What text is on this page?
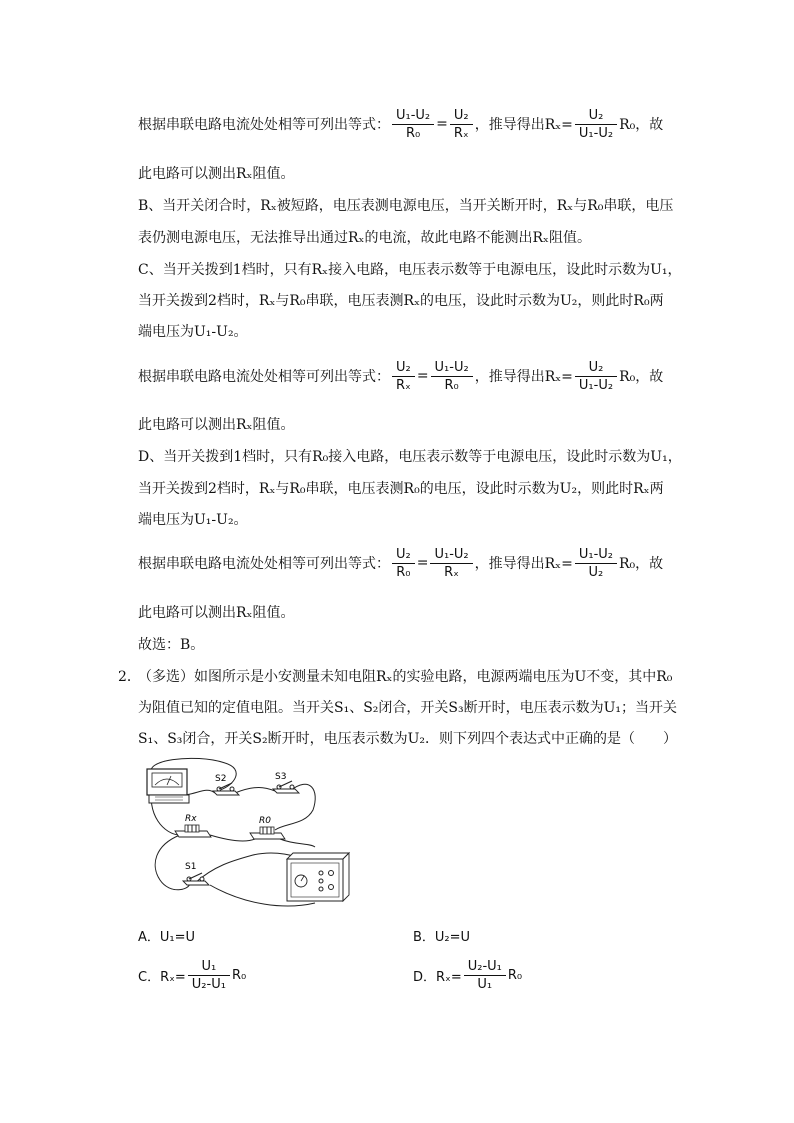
根据串联电路电流处处相等可列出等式： $\frac{\text{U₁-U₂}}{\text{R₀}} = \frac{\text{U₂}}{\text{Rₓ}}$ ，推导得出$R_x= \frac{\text{U₂}}{\text{U₁-U₂}} R_0$，故
此电路可以测出Rₓ阻值。
B、当开关闭合时，Rₓ被短路，电压表测电源电压，当开关断开时，Rₓ与R₀串联，电压
表仍测电源电压，无法推导出通过Rₓ的电流，故此电路不能测出Rₓ阻值。
C、当开关拨到1档时，只有Rₓ接入电路，电压表示数等于电源电压，设此时示数为U₁，
当开关拨到2档时，Rₓ与R₀串联，电压表测Rₓ的电压，设此时示数为U₂，则此时R₀两
端电压为U₁-U₂。
根据串联电路电流处处相等可列出等式： $\frac{\text{U₂}}{\text{Rₓ}} = \frac{\text{U₁-U₂}}{\text{R₀}}$ ，推导得出$R_x= \frac{\text{U₂}}{\text{U₁-U₂}} R_0$，故
此电路可以测出Rₓ阻值。
D、当开关拨到1档时，只有R₀接入电路，电压表示数等于电源电压，设此时示数为U₁，
当开关拨到2档时，Rₓ与R₀串联，电压表测R₀的电压，设此时示数为U₂，则此时Rₓ两
端电压为U₁-U₂。
根据串联电路电流处处相等可列出等式： $\frac{\text{U₂}}{\text{R₀}} = \frac{\text{U₁-U₂}}{\text{Rₓ}}$ ，推导得出$R_x= \frac{\text{U₁-U₂}}{\text{U₂}} R_0$，故
此电路可以测出Rₓ阻值。
故选：B。
2．
（多选）如图所示是小安测量未知电阻Rₓ的实验电路，电源两端电压为U不变，其中R₀
为阻值已知的定值电阻。当开关S₁、S₂闭合，开关S₃断开时，电压表示数为U₁；当开关
S₁、S₃闭合，开关S₂断开时，电压表示数为U₂．则下列四个表达式中正确的是（　　）
S2	S3
Rx	R0
S1
A．U₁=U	B．U₂=U
C．$R_x= \frac{\text{U₁}}{\text{U₂-U₁}} R_0$	D．$R_x= \frac{\text{U₂-U₁}}{\text{U₁}} R_0$
